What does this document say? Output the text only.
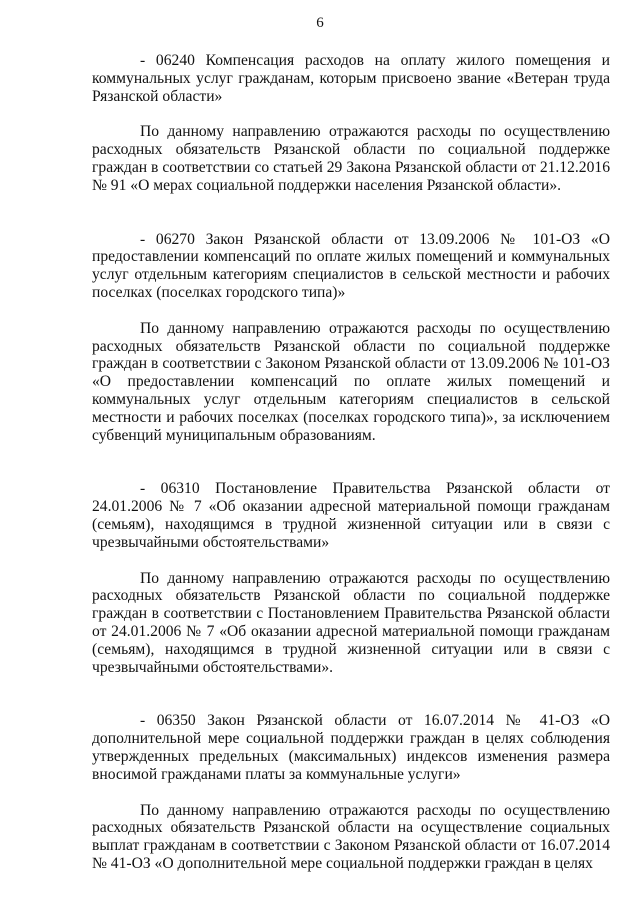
6

- 06240 Компенсация расходов на оплату жилого помещения и коммунальных услуг гражданам, которым присвоено звание «Ветеран труда Рязанской области»

По данному направлению отражаются расходы по осуществлению расходных обязательств Рязанской области по социальной поддержке граждан в соответствии со статьей 29 Закона Рязанской области от 21.12.2016 № 91 «О мерах социальной поддержки населения Рязанской области».

- 06270 Закон Рязанской области от 13.09.2006 № 101-ОЗ «О предоставлении компенсаций по оплате жилых помещений и коммунальных услуг отдельным категориям специалистов в сельской местности и рабочих поселках (поселках городского типа)»

По данному направлению отражаются расходы по осуществлению расходных обязательств Рязанской области по социальной поддержке граждан в соответствии с Законом Рязанской области от 13.09.2006 № 101-ОЗ «О предоставлении компенсаций по оплате жилых помещений и коммунальных услуг отдельным категориям специалистов в сельской местности и рабочих поселках (поселках городского типа)», за исключением субвенций муниципальным образованиям.

- 06310 Постановление Правительства Рязанской области от 24.01.2006 № 7 «Об оказании адресной материальной помощи гражданам (семьям), находящимся в трудной жизненной ситуации или в связи с чрезвычайными обстоятельствами»

По данному направлению отражаются расходы по осуществлению расходных обязательств Рязанской области по социальной поддержке граждан в соответствии с Постановлением Правительства Рязанской области от 24.01.2006 № 7 «Об оказании адресной материальной помощи гражданам (семьям), находящимся в трудной жизненной ситуации или в связи с чрезвычайными обстоятельствами».

- 06350 Закон Рязанской области от 16.07.2014 № 41-ОЗ «О дополнительной мере социальной поддержки граждан в целях соблюдения утвержденных предельных (максимальных) индексов изменения размера вносимой гражданами платы за коммунальные услуги»

По данному направлению отражаются расходы по осуществлению расходных обязательств Рязанской области на осуществление социальных выплат гражданам в соответствии с Законом Рязанской области от 16.07.2014 № 41-ОЗ «О дополнительной мере социальной поддержки граждан в целях
